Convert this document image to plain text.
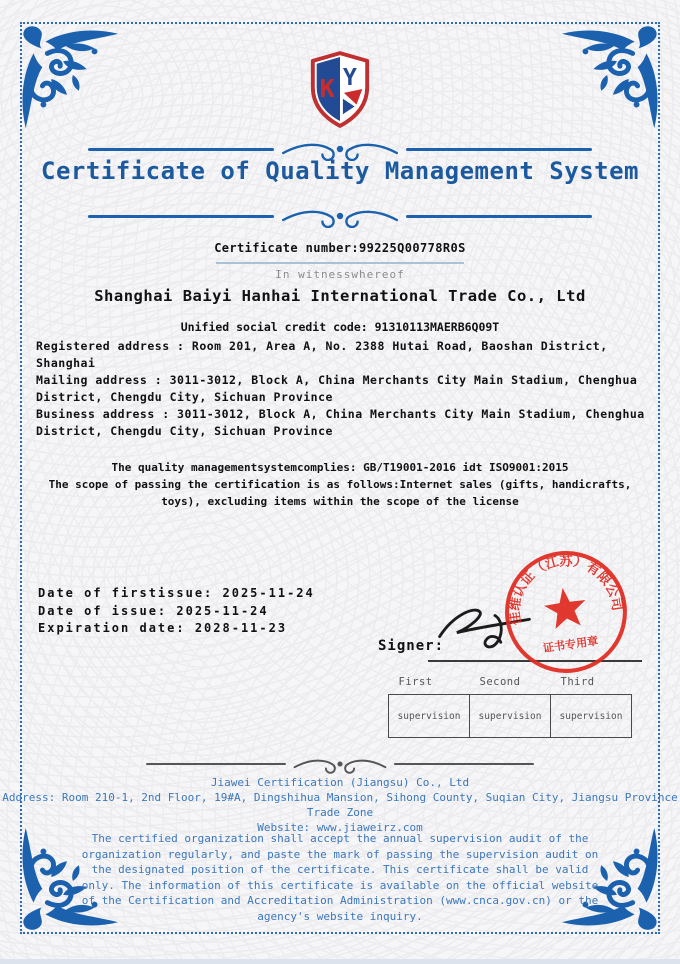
K Y
Certificate of Quality Management System
Certificate number:99225Q00778R0S
In witnesswhereof
Shanghai Baiyi Hanhai International Trade Co., Ltd
Unified social credit code: 91310113MAERB6Q09T
Registered address : Room 201, Area A, No. 2388 Hutai Road, Baoshan District, Shanghai
Mailing address : 3011-3012, Block A, China Merchants City Main Stadium, Chenghua District, Chengdu City, Sichuan Province
Business address : 3011-3012, Block A, China Merchants City Main Stadium, Chenghua District, Chengdu City, Sichuan Province
The quality managementsystemcomplies: GB/T19001-2016 idt ISO9001:2015
The scope of passing the certification is as follows:Internet sales (gifts, handicrafts, toys), excluding items within the scope of the license
Date of firstissue: 2025-11-24
Date of issue: 2025-11-24
Expiration date: 2028-11-23
Signer:
佳维认证（江苏）有限公司
证书专用章
First	Second	Third
supervision	supervision	supervision
Jiawei Certification (Jiangsu) Co., Ltd
Address: Room 210-1, 2nd Floor, 19#A, Dingshihua Mansion, Sihong County, Suqian City, Jiangsu Province Trade Zone
Website: www.jiaweirz.com
The certified organization shall accept the annual supervision audit of the organization regularly, and paste the mark of passing the supervision audit on the designated position of the certificate. This certificate shall be valid only. The information of this certificate is available on the official website of the Certification and Accreditation Administration (www.cnca.gov.cn) or the agency's website inquiry.
